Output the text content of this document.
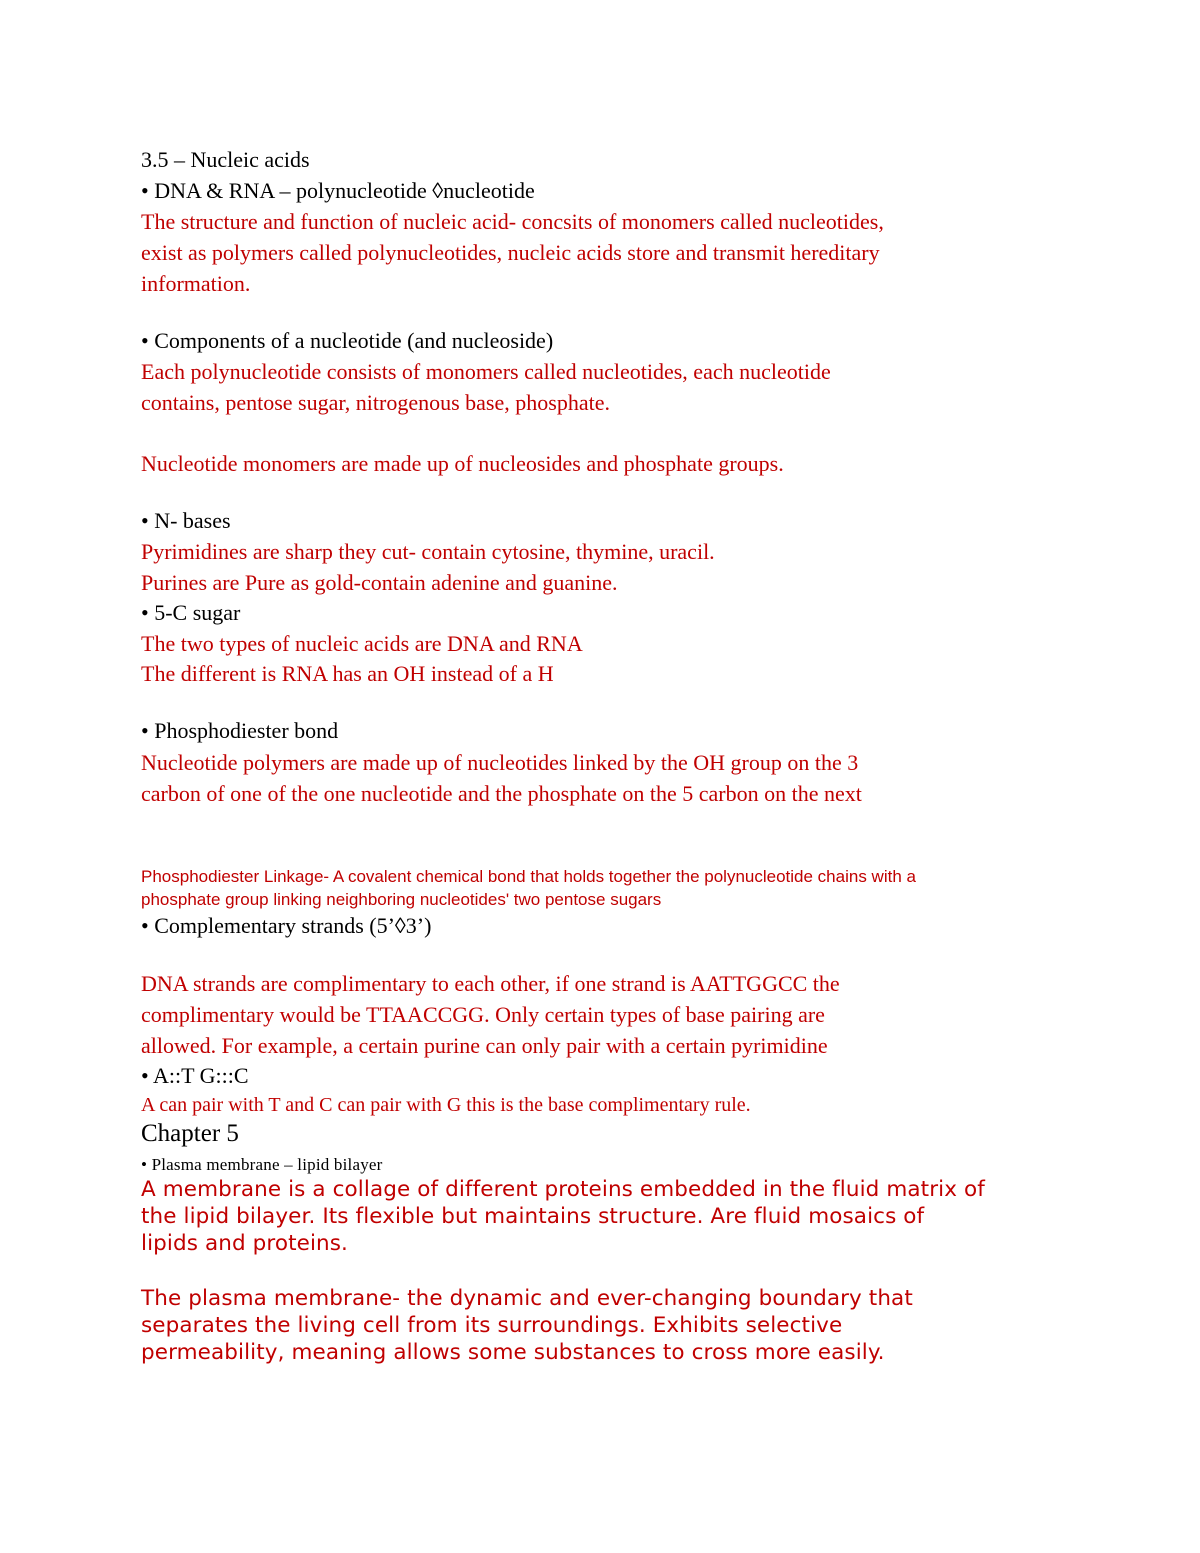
3.5 – Nucleic acids

• DNA & RNA – polynucleotide ◊nucleotide

The structure and function of nucleic acid- concsits of monomers called nucleotides,

exist as polymers called polynucleotides, nucleic acids store and transmit hereditary

information.

• Components of a nucleotide (and nucleoside)

Each polynucleotide consists of monomers called nucleotides, each nucleotide

contains, pentose sugar, nitrogenous base, phosphate.

Nucleotide monomers are made up of nucleosides and phosphate groups.

• N- bases

Pyrimidines are sharp they cut- contain cytosine, thymine, uracil.

Purines are Pure as gold-contain adenine and guanine.

• 5-C sugar

The two types of nucleic acids are DNA and RNA

The different is RNA has an OH instead of a H

• Phosphodiester bond

Nucleotide polymers are made up of nucleotides linked by the OH group on the 3

carbon of one of the one nucleotide and the phosphate on the 5 carbon on the next

Phosphodiester Linkage- A covalent chemical bond that holds together the polynucleotide chains with a

phosphate group linking neighboring nucleotides' two pentose sugars

• Complementary strands (5’◊3’)

DNA strands are complimentary to each other, if one strand is AATTGGCC the

complimentary would be TTAACCGG. Only certain types of base pairing are

allowed. For example, a certain purine can only pair with a certain pyrimidine

• A::T G:::C

A can pair with T and C can pair with G this is the base complimentary rule.

Chapter 5

• Plasma membrane – lipid bilayer

A membrane is a collage of different proteins embedded in the fluid matrix of

the lipid bilayer. Its flexible but maintains structure. Are fluid mosaics of

lipids and proteins.

The plasma membrane- the dynamic and ever-changing boundary that

separates the living cell from its surroundings. Exhibits selective

permeability, meaning allows some substances to cross more easily.
